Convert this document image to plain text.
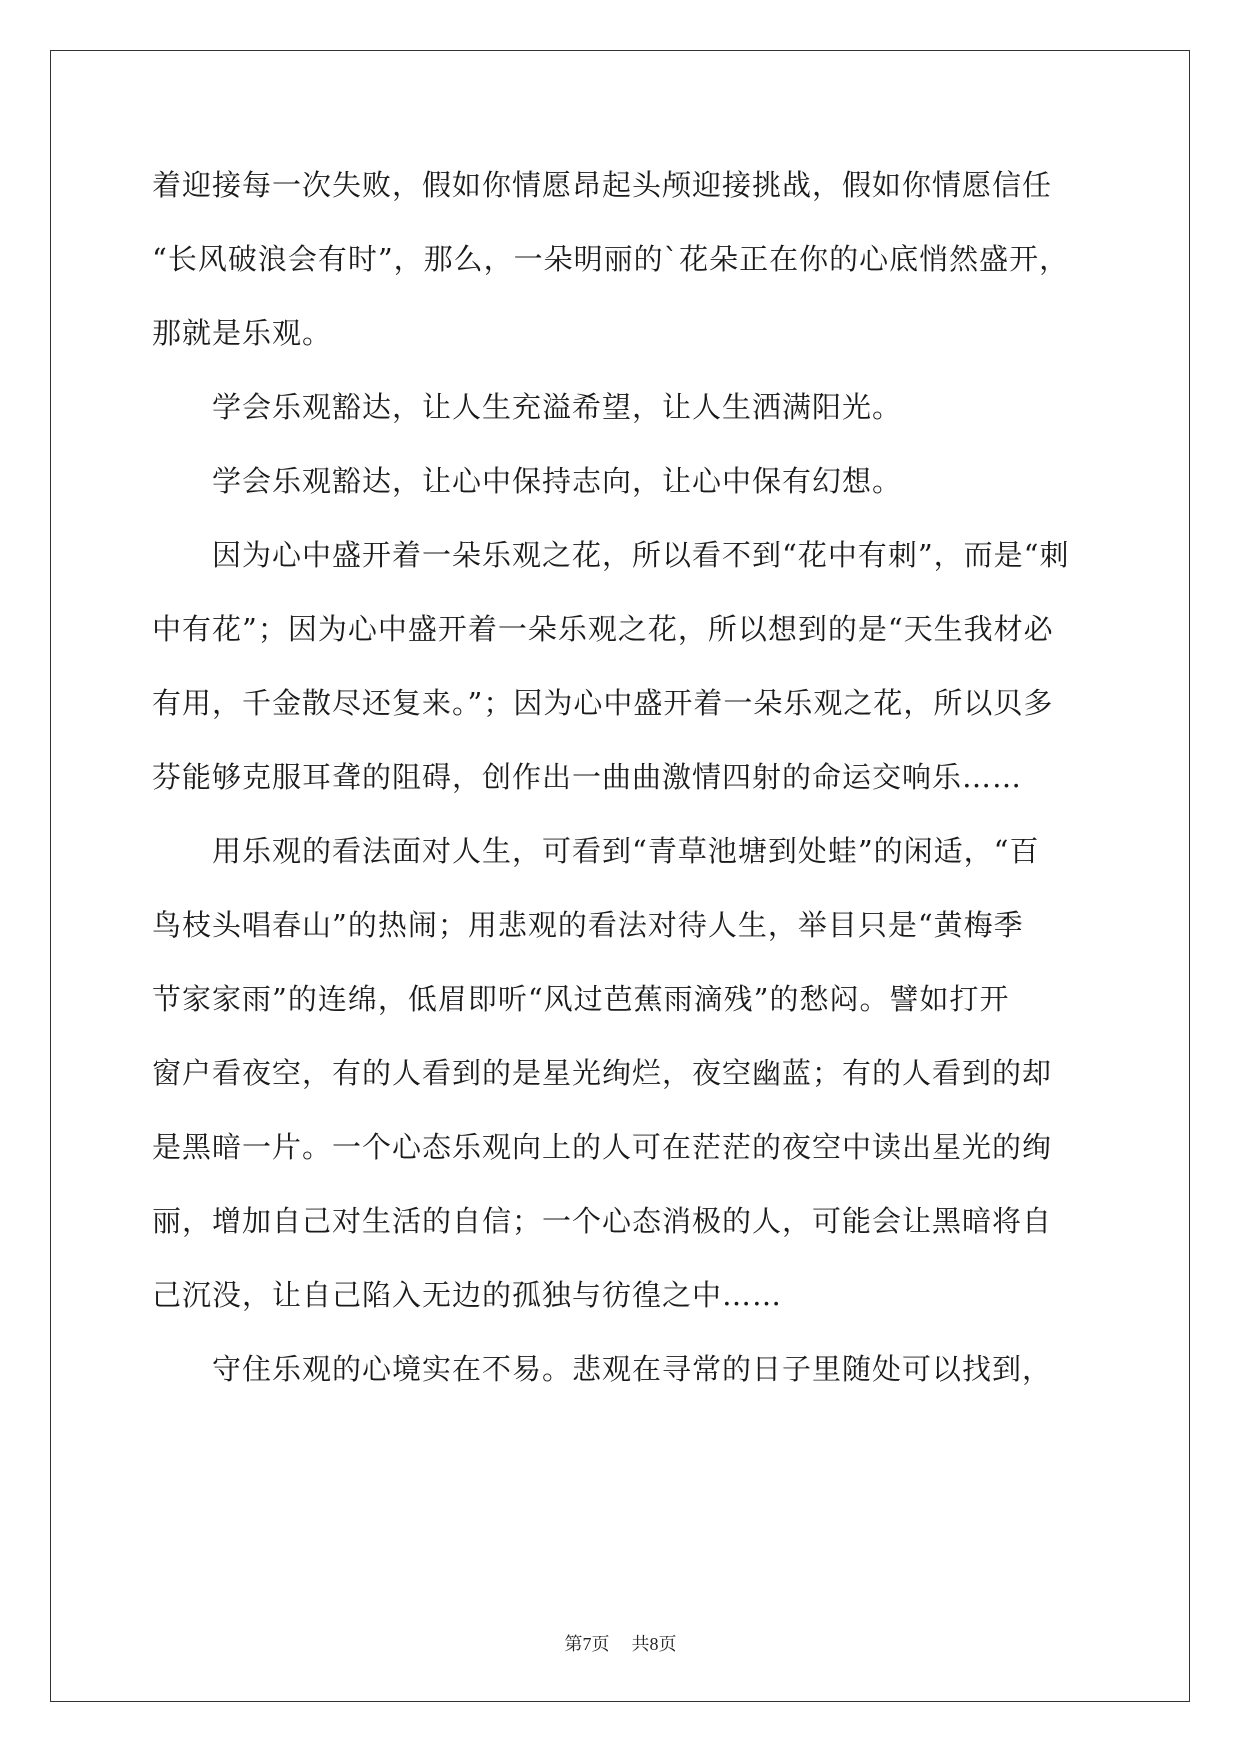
着迎接每一次失败，假如你情愿昂起头颅迎接挑战，假如你情愿信任
“长风破浪会有时”，那么，一朵明丽的`花朵正在你的心底悄然盛开，
那就是乐观。
　　学会乐观豁达，让人生充溢希望，让人生洒满阳光。
　　学会乐观豁达，让心中保持志向，让心中保有幻想。
　　因为心中盛开着一朵乐观之花，所以看不到“花中有刺”，而是“刺
中有花”；因为心中盛开着一朵乐观之花，所以想到的是“天生我材必
有用，千金散尽还复来。”；因为心中盛开着一朵乐观之花，所以贝多
芬能够克服耳聋的阻碍，创作出一曲曲激情四射的命运交响乐……
　　用乐观的看法面对人生，可看到“青草池塘到处蛙”的闲适，“百
鸟枝头唱春山”的热闹；用悲观的看法对待人生，举目只是“黄梅季
节家家雨”的连绵，低眉即听“风过芭蕉雨滴残”的愁闷。譬如打开
窗户看夜空，有的人看到的是星光绚烂，夜空幽蓝；有的人看到的却
是黑暗一片。一个心态乐观向上的人可在茫茫的夜空中读出星光的绚
丽，增加自己对生活的自信；一个心态消极的人，可能会让黑暗将自
己沉没，让自己陷入无边的孤独与彷徨之中……
　　守住乐观的心境实在不易。悲观在寻常的日子里随处可以找到，
第7页 共8页
